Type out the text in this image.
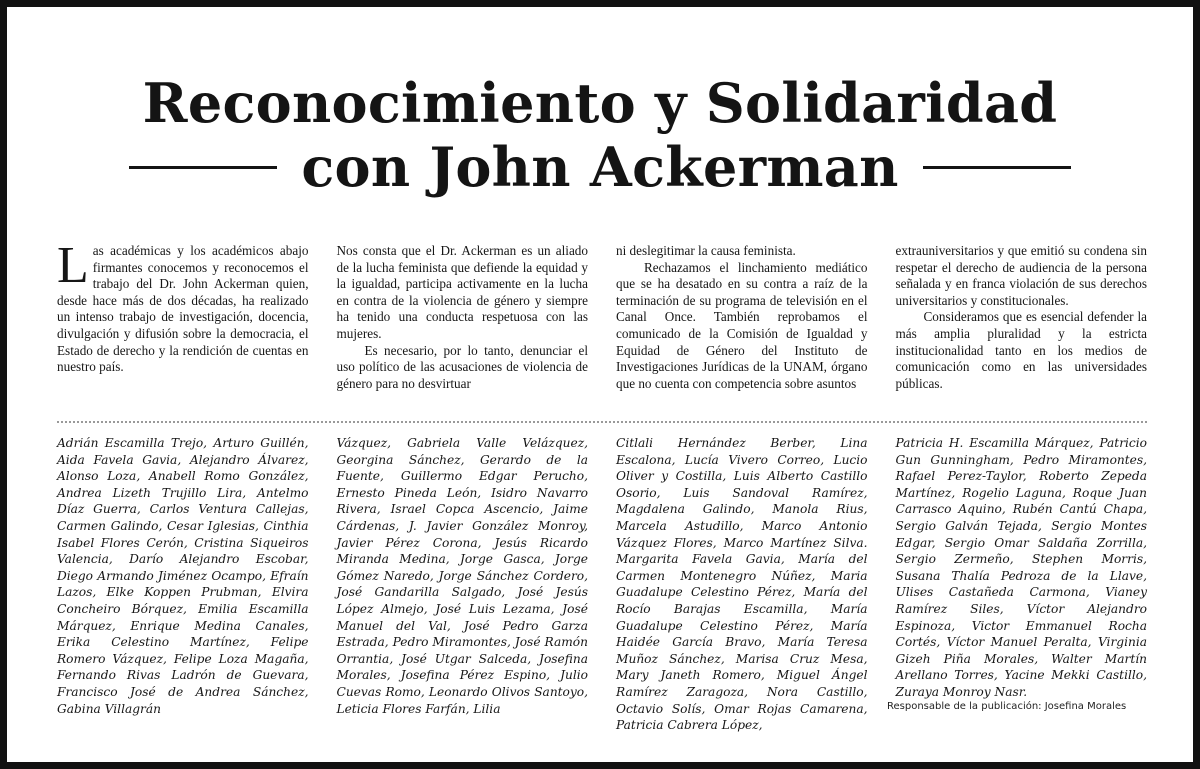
Reconocimiento y Solidaridad
con John Ackerman

Las académicas y los académicos abajo firmantes conocemos y reconocemos el trabajo del Dr. John Ackerman quien, desde hace más de dos décadas, ha realizado un intenso trabajo de investigación, docencia, divulgación y difusión sobre la democracia, el Estado de derecho y la rendición de cuentas en nuestro país.

Nos consta que el Dr. Ackerman es un aliado de la lucha feminista que defiende la equidad y la igualdad, participa activamente en la lucha en contra de la violencia de género y siempre ha tenido una conducta respetuosa con las mujeres.

Es necesario, por lo tanto, denunciar el uso político de las acusaciones de violencia de género para no desvirtuar

ni deslegitimar la causa feminista.

Rechazamos el linchamiento mediático que se ha desatado en su contra a raíz de la terminación de su programa de televisión en el Canal Once. También reprobamos el comunicado de la Comisión de Igualdad y Equidad de Género del Instituto de Investigaciones Jurídicas de la UNAM, órgano que no cuenta con competencia sobre asuntos

extrauniversitarios y que emitió su condena sin respetar el derecho de audiencia de la persona señalada y en franca violación de sus derechos universitarios y constitucionales.

Consideramos que es esencial defender la más amplia pluralidad y la estricta institucionalidad tanto en los medios de comunicación como en las universidades públicas.

Adrián Escamilla Trejo, Arturo Guillén, Aida Favela Gavia, Alejandro Álvarez, Alonso Loza, Anabell Romo González, Andrea Lizeth Trujillo Lira, Antelmo Díaz Guerra, Carlos Ventura Callejas, Carmen Galindo, Cesar Iglesias, Cinthia Isabel Flores Cerón, Cristina Siqueiros Valencia, Darío Alejandro Escobar, Diego Armando Jiménez Ocampo, Efraín Lazos, Elke Koppen Prubman, Elvira Concheiro Bórquez, Emilia Escamilla Márquez, Enrique Medina Canales, Erika Celestino Martínez, Felipe Romero Vázquez, Felipe Loza Magaña, Fernando Rivas Ladrón de Guevara, Francisco José de Andrea Sánchez, Gabina Villagrán

Vázquez, Gabriela Valle Velázquez, Georgina Sánchez, Gerardo de la Fuente, Guillermo Edgar Perucho, Ernesto Pineda León, Isidro Navarro Rivera, Israel Copca Ascencio, Jaime Cárdenas, J. Javier González Monroy, Javier Pérez Corona, Jesús Ricardo Miranda Medina, Jorge Gasca, Jorge Gómez Naredo, Jorge Sánchez Cordero, José Gandarilla Salgado, José Jesús López Almejo, José Luis Lezama, José Manuel del Val, José Pedro Garza Estrada, Pedro Miramontes, José Ramón Orrantia, José Utgar Salceda, Josefina Morales, Josefina Pérez Espino, Julio Cuevas Romo, Leonardo Olivos Santoyo, Leticia Flores Farfán, Lilia

Citlali Hernández Berber, Lina Escalona, Lucía Vivero Correo, Lucio Oliver y Costilla, Luis Alberto Castillo Osorio, Luis Sandoval Ramírez, Magdalena Galindo, Manola Rius, Marcela Astudillo, Marco Antonio Vázquez Flores, Marco Martínez Silva. Margarita Favela Gavia, María del Carmen Montenegro Núñez, Maria Guadalupe Celestino Pérez, María del Rocío Barajas Escamilla, María Guadalupe Celestino Pérez, María Haidée García Bravo, María Teresa Muñoz Sánchez, Marisa Cruz Mesa, Mary Janeth Romero, Miguel Ángel Ramírez Zaragoza, Nora Castillo, Octavio Solís, Omar Rojas Camarena, Patricia Cabrera López,

Patricia H. Escamilla Márquez, Patricio Gun Gunningham, Pedro Miramontes, Rafael Perez-Taylor, Roberto Zepeda Martínez, Rogelio Laguna, Roque Juan Carrasco Aquino, Rubén Cantú Chapa, Sergio Galván Tejada, Sergio Montes Edgar, Sergio Omar Saldaña Zorrilla, Sergio Zermeño, Stephen Morris, Susana Thalía Pedroza de la Llave, Ulises Castañeda Carmona, Vianey Ramírez Siles, Víctor Alejandro Espinoza, Victor Emmanuel Rocha Cortés, Víctor Manuel Peralta, Virginia Gizeh Piña Morales, Walter Martín Arellano Torres, Yacine Mekki Castillo, Zuraya Monroy Nasr.

Responsable de la publicación: Josefina Morales
